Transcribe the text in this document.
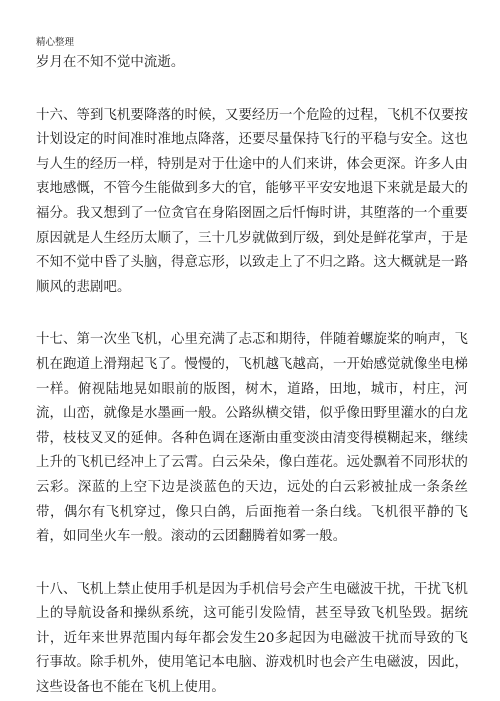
精心整理

岁月在不知不觉中流逝。

十六、等到飞机要降落的时候，又要经历一个危险的过程，飞机不仅要按计划设定的时间准时准地点降落，还要尽量保持飞行的平稳与安全。这也与人生的经历一样，特别是对于仕途中的人们来讲，体会更深。许多人由衷地感慨，不管今生能做到多大的官，能够平平安安地退下来就是最大的福分。我又想到了一位贪官在身陷囹圄之后忏悔时讲，其堕落的一个重要原因就是人生经历太顺了，三十几岁就做到厅级，到处是鲜花掌声，于是不知不觉中昏了头脑，得意忘形，以致走上了不归之路。这大概就是一路顺风的悲剧吧。

十七、第一次坐飞机，心里充满了忐忑和期待，伴随着螺旋桨的响声，飞机在跑道上滑翔起飞了。慢慢的，飞机越飞越高，一开始感觉就像坐电梯一样。俯视陆地晃如眼前的版图，树木，道路，田地，城市，村庄，河流，山峦，就像是水墨画一般。公路纵横交错，似乎像田野里灌水的白龙带，枝枝叉叉的延伸。各种色调在逐渐由重变淡由清变得模糊起来，继续上升的飞机已经冲上了云霄。白云朵朵，像白莲花。远处飘着不同形状的云彩。深蓝的上空下边是淡蓝色的天边，远处的白云彩被扯成一条条丝带，偶尔有飞机穿过，像只白鸽，后面拖着一条白线。飞机很平静的飞着，如同坐火车一般。滚动的云团翻腾着如雾一般。

十八、飞机上禁止使用手机是因为手机信号会产生电磁波干扰，干扰飞机上的导航设备和操纵系统，这可能引发险情，甚至导致飞机坠毁。据统计，近年来世界范围内每年都会发生20多起因为电磁波干扰而导致的飞行事故。除手机外，使用笔记本电脑、游戏机时也会产生电磁波，因此，这些设备也不能在飞机上使用。
